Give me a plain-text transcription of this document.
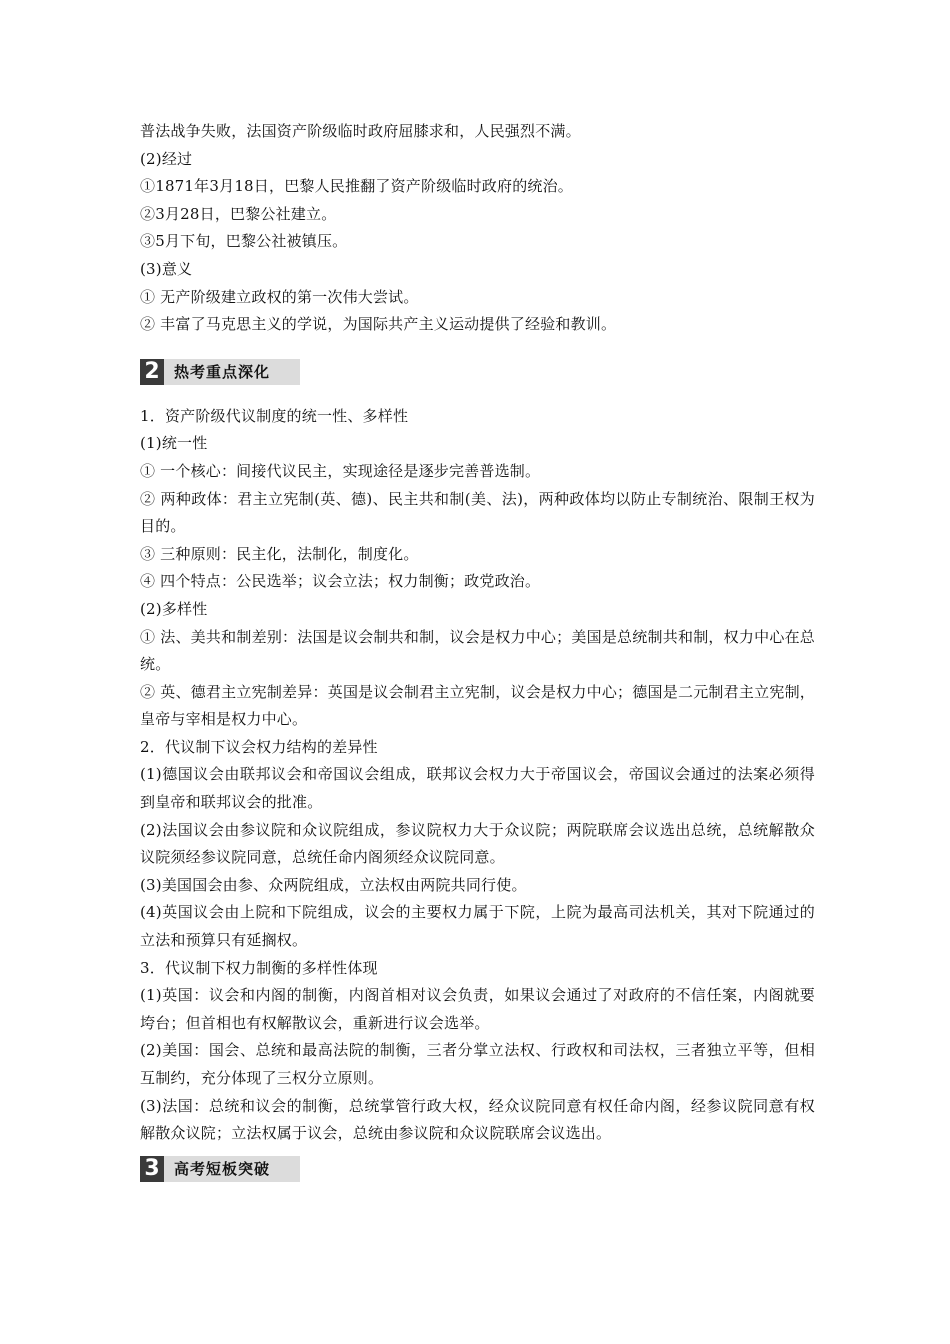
普法战争失败，法国资产阶级临时政府屈膝求和，人民强烈不满。
(2)经过
①1871年3月18日，巴黎人民推翻了资产阶级临时政府的统治。
②3月28日，巴黎公社建立。
③5月下旬，巴黎公社被镇压。
(3)意义
① 无产阶级建立政权的第一次伟大尝试。
② 丰富了马克思主义的学说，为国际共产主义运动提供了经验和教训。
2 热考重点深化
1．资产阶级代议制度的统一性、多样性
(1)统一性
① 一个核心：间接代议民主，实现途径是逐步完善普选制。
② 两种政体：君主立宪制(英、德)、民主共和制(美、法)，两种政体均以防止专制统治、限制王权为目的。
③ 三种原则：民主化，法制化，制度化。
④ 四个特点：公民选举；议会立法；权力制衡；政党政治。
(2)多样性
① 法、美共和制差别：法国是议会制共和制，议会是权力中心；美国是总统制共和制，权力中心在总统。
② 英、德君主立宪制差异：英国是议会制君主立宪制，议会是权力中心；德国是二元制君主立宪制，皇帝与宰相是权力中心。
2．代议制下议会权力结构的差异性
(1)德国议会由联邦议会和帝国议会组成，联邦议会权力大于帝国议会，帝国议会通过的法案必须得到皇帝和联邦议会的批准。
(2)法国议会由参议院和众议院组成，参议院权力大于众议院；两院联席会议选出总统，总统解散众议院须经参议院同意，总统任命内阁须经众议院同意。
(3)美国国会由参、众两院组成，立法权由两院共同行使。
(4)英国议会由上院和下院组成，议会的主要权力属于下院，上院为最高司法机关，其对下院通过的立法和预算只有延搁权。
3．代议制下权力制衡的多样性体现
(1)英国：议会和内阁的制衡，内阁首相对议会负责，如果议会通过了对政府的不信任案，内阁就要垮台；但首相也有权解散议会，重新进行议会选举。
(2)美国：国会、总统和最高法院的制衡，三者分掌立法权、行政权和司法权，三者独立平等，但相互制约，充分体现了三权分立原则。
(3)法国：总统和议会的制衡，总统掌管行政大权，经众议院同意有权任命内阁，经参议院同意有权解散众议院；立法权属于议会，总统由参议院和众议院联席会议选出。
3 高考短板突破
